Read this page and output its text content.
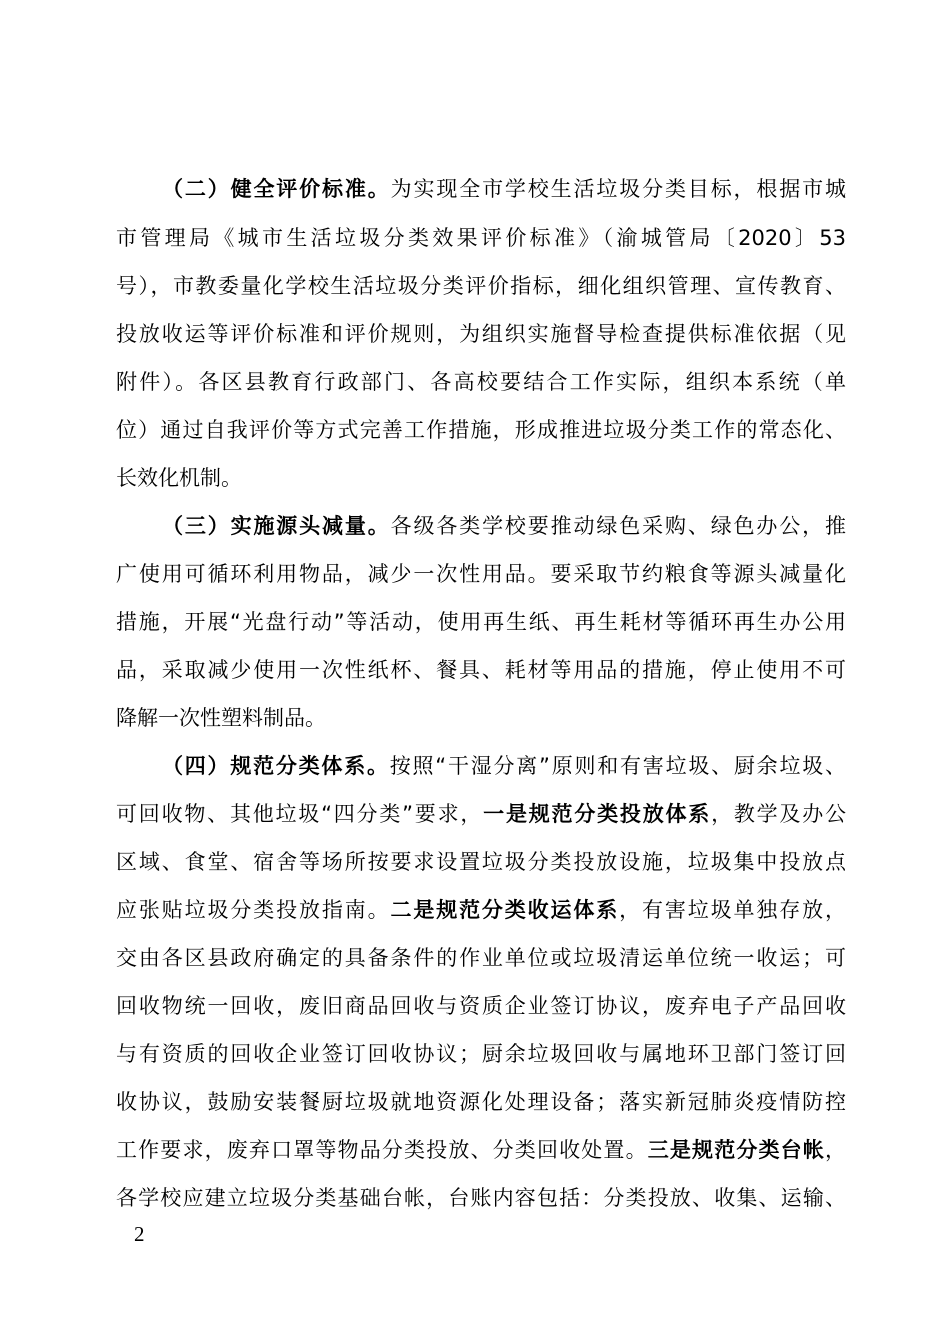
（二）健全评价标准。为实现全市学校生活垃圾分类目标，根据市城
市管理局《城市生活垃圾分类效果评价标准》（渝城管局〔2020〕53
号），市教委量化学校生活垃圾分类评价指标，细化组织管理、宣传教育、
投放收运等评价标准和评价规则，为组织实施督导检查提供标准依据（见
附件）。各区县教育行政部门、各高校要结合工作实际，组织本系统（单
位）通过自我评价等方式完善工作措施，形成推进垃圾分类工作的常态化、
长效化机制。
（三）实施源头减量。各级各类学校要推动绿色采购、绿色办公，推
广使用可循环利用物品，减少一次性用品。要采取节约粮食等源头减量化
措施，开展“光盘行动”等活动，使用再生纸、再生耗材等循环再生办公用
品，采取减少使用一次性纸杯、餐具、耗材等用品的措施，停止使用不可
降解一次性塑料制品。
（四）规范分类体系。按照“干湿分离”原则和有害垃圾、厨余垃圾、
可回收物、其他垃圾“四分类”要求，一是规范分类投放体系，教学及办公
区域、食堂、宿舍等场所按要求设置垃圾分类投放设施，垃圾集中投放点
应张贴垃圾分类投放指南。二是规范分类收运体系，有害垃圾单独存放，
交由各区县政府确定的具备条件的作业单位或垃圾清运单位统一收运；可
回收物统一回收，废旧商品回收与资质企业签订协议，废弃电子产品回收
与有资质的回收企业签订回收协议；厨余垃圾回收与属地环卫部门签订回
收协议，鼓励安装餐厨垃圾就地资源化处理设备；落实新冠肺炎疫情防控
工作要求，废弃口罩等物品分类投放、分类回收处置。三是规范分类台帐，
各学校应建立垃圾分类基础台帐，台账内容包括：分类投放、收集、运输、
2
